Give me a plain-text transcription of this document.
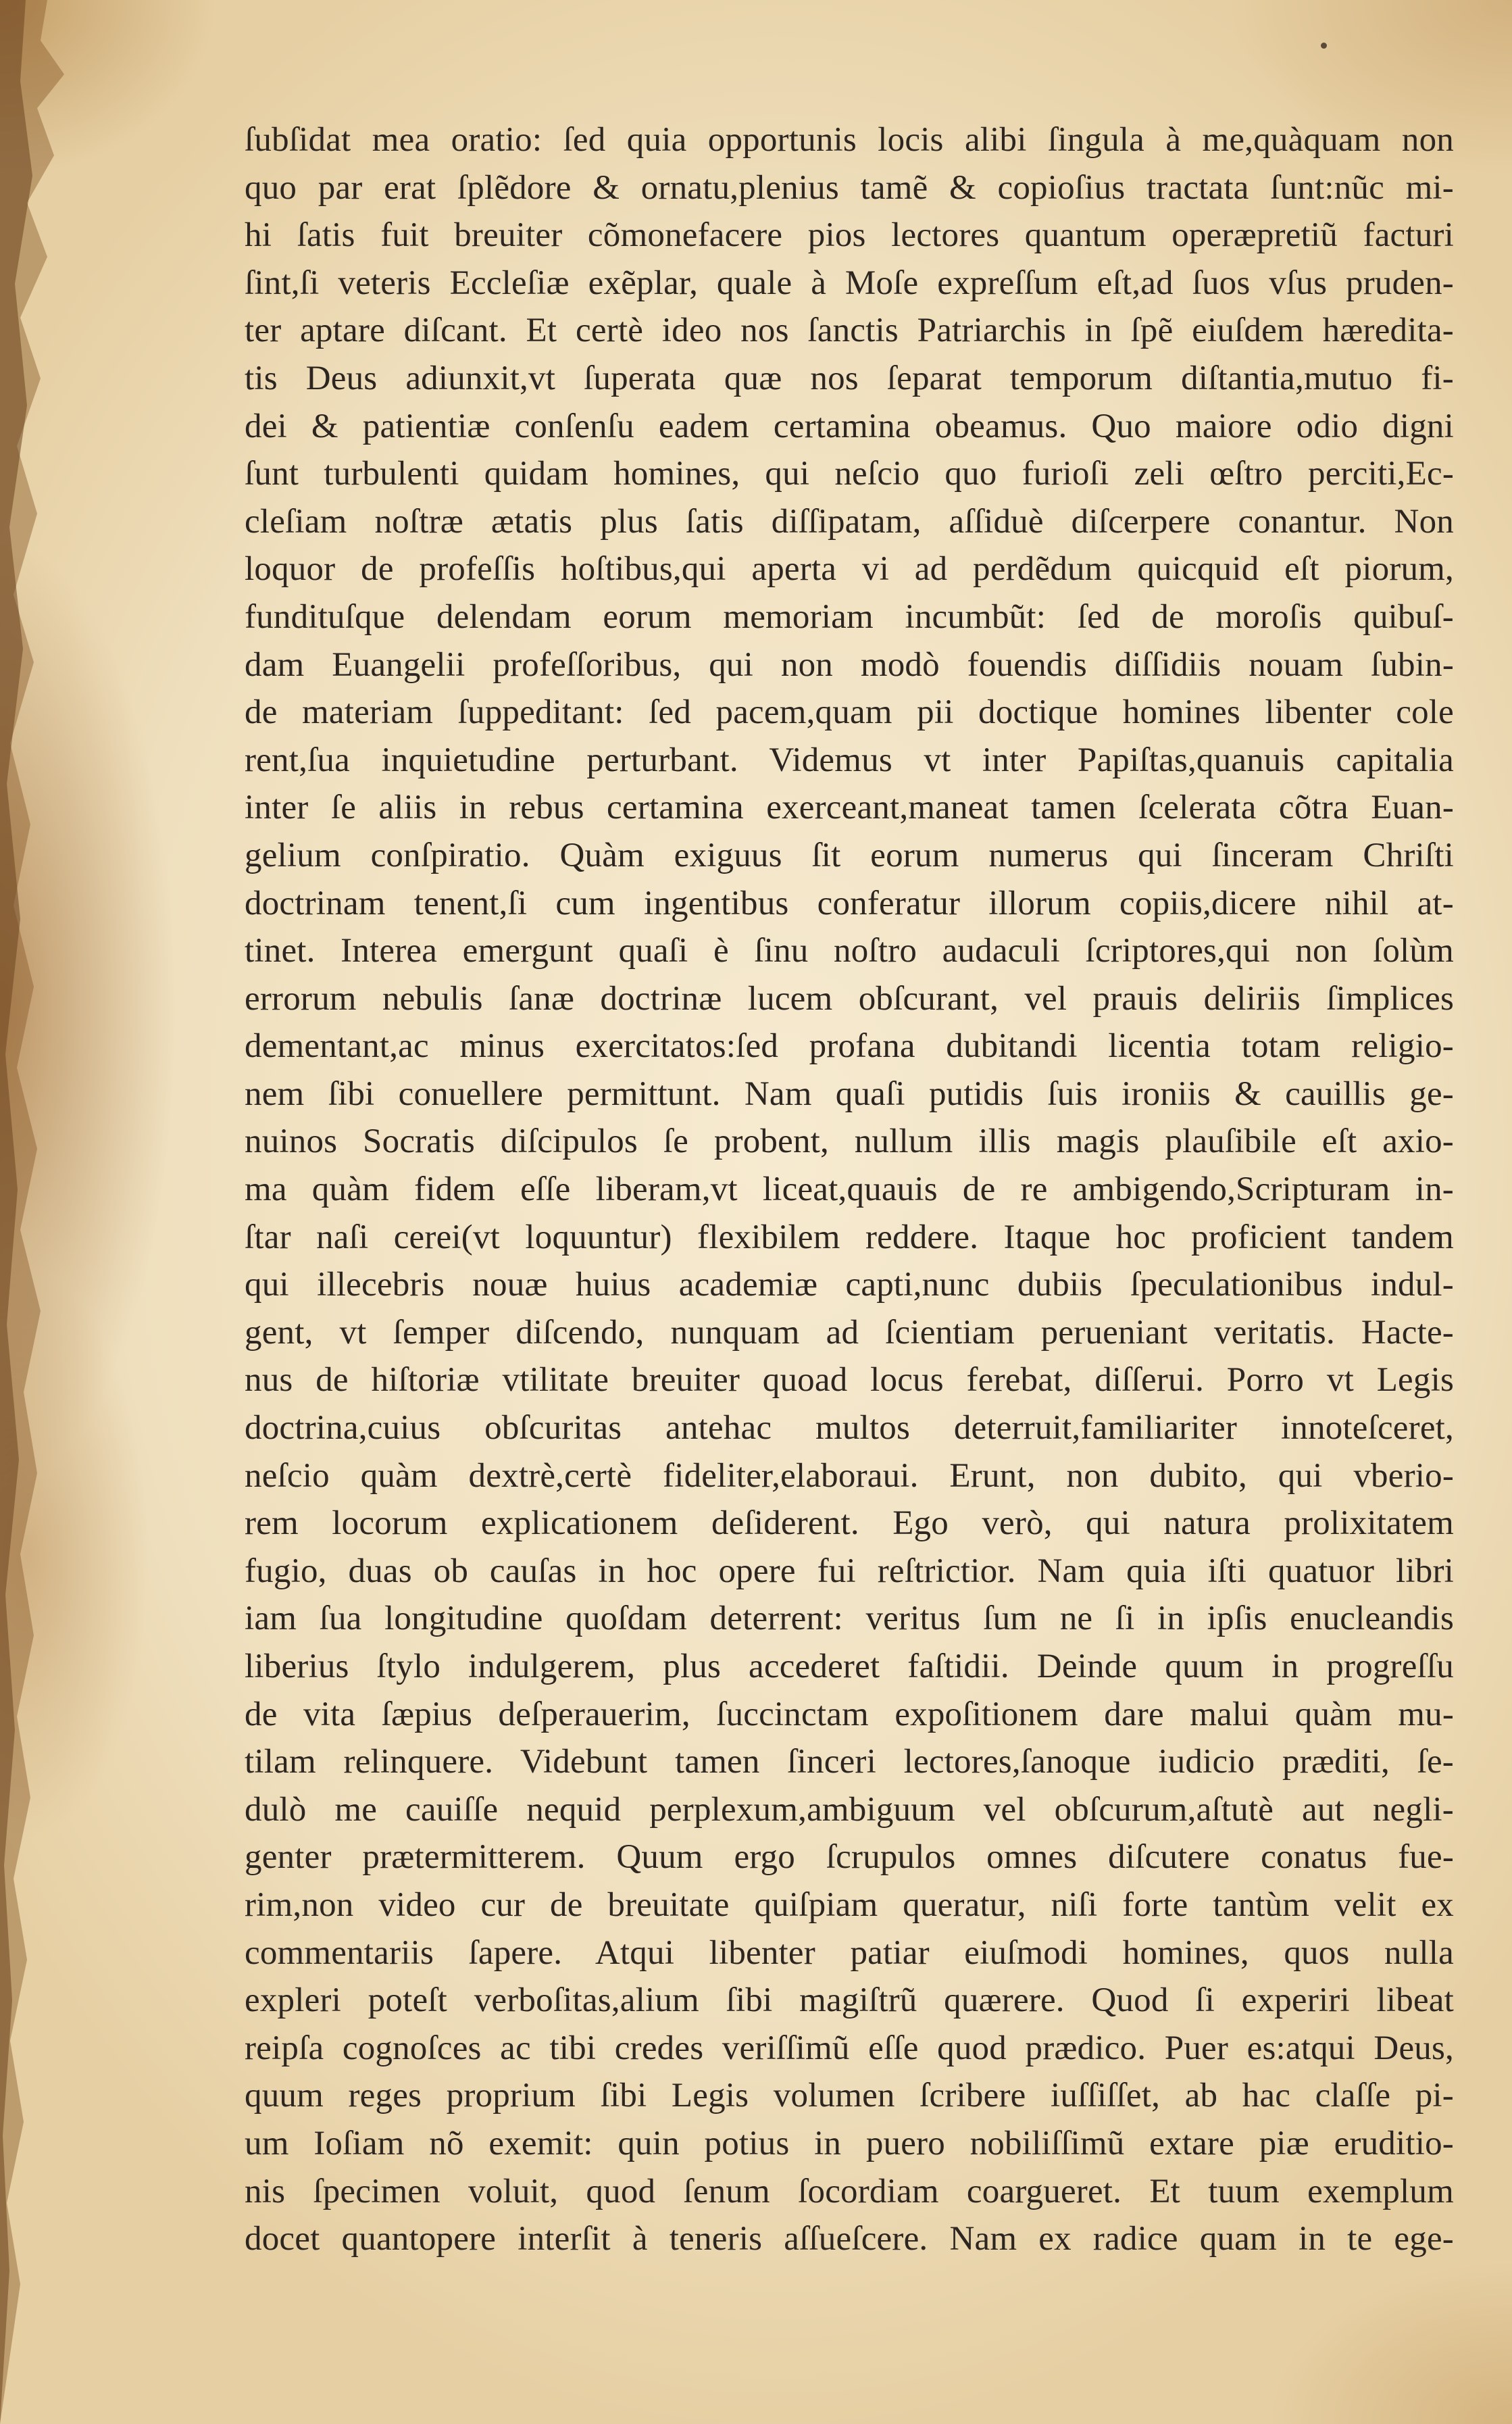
ſubſidat mea oratio: ſed quia opportunis locis alibi ſingula à me,quàquam non
quo par erat ſplẽdore & ornatu,plenius tamẽ & copioſius tractata ſunt:nũc mi-
hi ſatis fuit breuiter cõmonefacere pios lectores quantum operæpretiũ facturi
ſint,ſi veteris Eccleſiæ exẽplar, quale à Moſe expreſſum eſt,ad ſuos vſus pruden-
ter aptare diſcant. Et certè ideo nos ſanctis Patriarchis in ſpẽ eiuſdem hæredita-
tis Deus adiunxit,vt ſuperata quæ nos ſeparat temporum diſtantia,mutuo fi-
dei & patientiæ conſenſu eadem certamina obeamus. Quo maiore odio digni
ſunt turbulenti quidam homines, qui neſcio quo furioſi zeli œſtro perciti,Ec-
cleſiam noſtræ ætatis plus ſatis diſſipatam, aſſiduè diſcerpere conantur. Non
loquor de profeſſis hoſtibus,qui aperta vi ad perdẽdum quicquid eſt piorum,
fundituſque delendam eorum memoriam incumbũt: ſed de moroſis quibuſ-
dam Euangelii profeſſoribus, qui non modò fouendis diſſidiis nouam ſubin-
de materiam ſuppeditant: ſed pacem,quam pii doctique homines libenter cole
rent,ſua inquietudine perturbant. Videmus vt inter Papiſtas,quanuis capitalia
inter ſe aliis in rebus certamina exerceant,maneat tamen ſcelerata cõtra Euan-
gelium conſpiratio. Quàm exiguus ſit eorum numerus qui ſinceram Chriſti
doctrinam tenent,ſi cum ingentibus conferatur illorum copiis,dicere nihil at-
tinet. Interea emergunt quaſi è ſinu noſtro audaculi ſcriptores,qui non ſolùm
errorum nebulis ſanæ doctrinæ lucem obſcurant, vel prauis deliriis ſimplices
dementant,ac minus exercitatos:ſed profana dubitandi licentia totam religio-
nem ſibi conuellere permittunt. Nam quaſi putidis ſuis ironiis & cauillis ge-
nuinos Socratis diſcipulos ſe probent, nullum illis magis plauſibile eſt axio-
ma quàm fidem eſſe liberam,vt liceat,quauis de re ambigendo,Scripturam in-
ſtar naſi cerei(vt loquuntur) flexibilem reddere. Itaque hoc proficient tandem
qui illecebris nouæ huius academiæ capti,nunc dubiis ſpeculationibus indul-
gent, vt ſemper diſcendo, nunquam ad ſcientiam perueniant veritatis. Hacte-
nus de hiſtoriæ vtilitate breuiter quoad locus ferebat, diſſerui. Porro vt Legis
doctrina,cuius obſcuritas antehac multos deterruit,familiariter innoteſceret,
neſcio quàm dextrè,certè fideliter,elaboraui. Erunt, non dubito, qui vberio-
rem locorum explicationem deſiderent. Ego verò, qui natura prolixitatem
fugio, duas ob cauſas in hoc opere fui reſtrictior. Nam quia iſti quatuor libri
iam ſua longitudine quoſdam deterrent: veritus ſum ne ſi in ipſis enucleandis
liberius ſtylo indulgerem, plus accederet faſtidii. Deinde quum in progreſſu
de vita ſæpius deſperauerim, ſuccinctam expoſitionem dare malui quàm mu-
tilam relinquere. Videbunt tamen ſinceri lectores,ſanoque iudicio præditi, ſe-
dulò me cauiſſe nequid perplexum,ambiguum vel obſcurum,aſtutè aut negli-
genter prætermitterem. Quum ergo ſcrupulos omnes diſcutere conatus fue-
rim,non video cur de breuitate quiſpiam queratur, niſi forte tantùm velit ex
commentariis ſapere. Atqui libenter patiar eiuſmodi homines, quos nulla
expleri poteſt verboſitas,alium ſibi magiſtrũ quærere. Quod ſi experiri libeat
reipſa cognoſces ac tibi credes veriſſimũ eſſe quod prædico. Puer es:atqui Deus,
quum reges proprium ſibi Legis volumen ſcribere iuſſiſſet, ab hac claſſe pi-
um Ioſiam nõ exemit: quin potius in puero nobiliſſimũ extare piæ eruditio-
nis ſpecimen voluit, quod ſenum ſocordiam coargueret. Et tuum exemplum
docet quantopere interſit à teneris aſſueſcere. Nam ex radice quam in te ege-
